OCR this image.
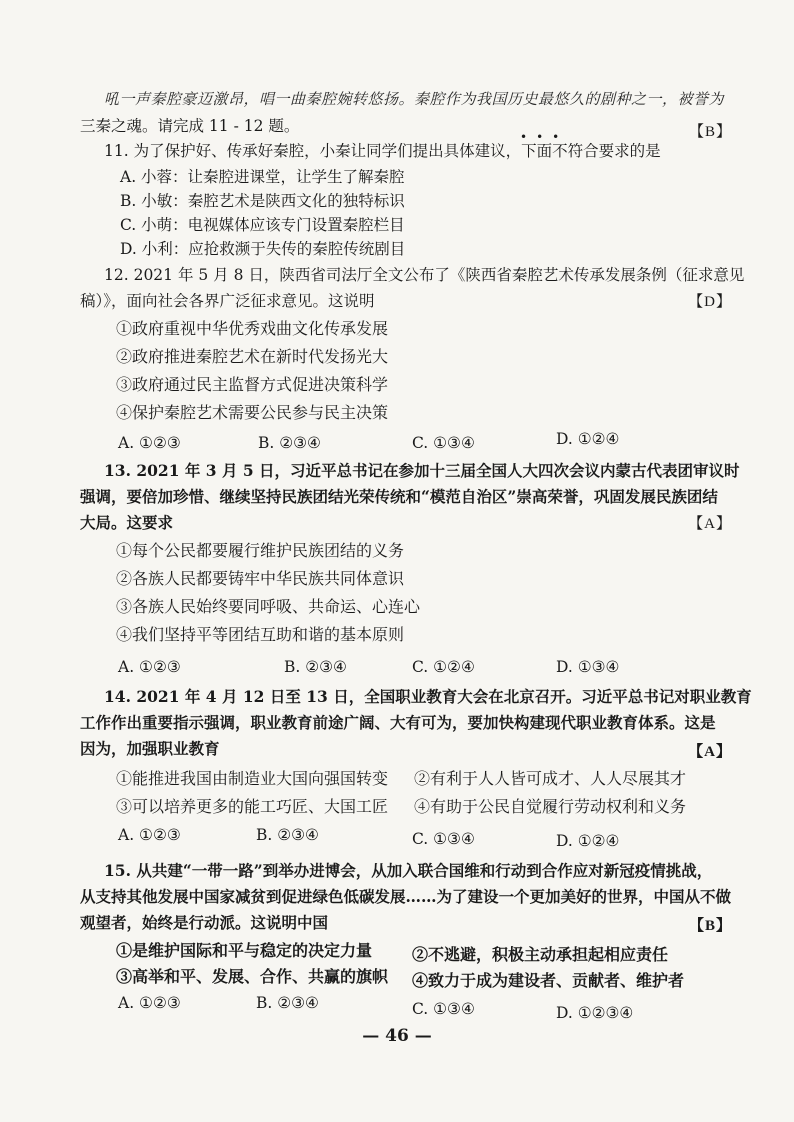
吼一声秦腔豪迈激昂，唱一曲秦腔婉转悠扬。秦腔作为我国历史最悠久的剧种之一，被誉为
三秦之魂。请完成 11 - 12 题。
11. 为了保护好、传承好秦腔，小秦让同学们提出具体建议，下面不符合要求的是
•••	【B】
A. 小蓉：让秦腔进课堂，让学生了解秦腔
B. 小敏：秦腔艺术是陕西文化的独特标识
C. 小萌：电视媒体应该专门设置秦腔栏目
D. 小利：应抢救濒于失传的秦腔传统剧目
12. 2021 年 5 月 8 日，陕西省司法厅全文公布了《陕西省秦腔艺术传承发展条例（征求意见
稿）》，面向社会各界广泛征求意见。这说明	【D】
①政府重视中华优秀戏曲文化传承发展
②政府推进秦腔艺术在新时代发扬光大
③政府通过民主监督方式促进决策科学
④保护秦腔艺术需要公民参与民主决策
A. ①②③	B. ②③④	C. ①③④	D. ①②④
13. 2021 年 3 月 5 日，习近平总书记在参加十三届全国人大四次会议内蒙古代表团审议时
强调，要倍加珍惜、继续坚持民族团结光荣传统和“模范自治区”崇高荣誉，巩固发展民族团结
大局。这要求	【A】
①每个公民都要履行维护民族团结的义务
②各族人民都要铸牢中华民族共同体意识
③各族人民始终要同呼吸、共命运、心连心
④我们坚持平等团结互助和谐的基本原则
A. ①②③	B. ②③④	C. ①②④	D. ①③④
14. 2021 年 4 月 12 日至 13 日，全国职业教育大会在北京召开。习近平总书记对职业教育
工作作出重要指示强调，职业教育前途广阔、大有可为，要加快构建现代职业教育体系。这是
因为，加强职业教育	【A】
①能推进我国由制造业大国向强国转变 ②有利于人人皆可成才、人人尽展其才
③可以培养更多的能工巧匠、大国工匠 ④有助于公民自觉履行劳动权利和义务
A. ①②③	B. ②③④	C. ①③④	D. ①②④
15. 从共建“一带一路”到举办进博会，从加入联合国维和行动到合作应对新冠疫情挑战，
从支持其他发展中国家减贫到促进绿色低碳发展……为了建设一个更加美好的世界，中国从不做
观望者，始终是行动派。这说明中国	【B】
①是维护国际和平与稳定的决定力量 ②不逃避，积极主动承担起相应责任
③高举和平、发展、合作、共赢的旗帜 ④致力于成为建设者、贡献者、维护者
A. ①②③	B. ②③④	C. ①③④	D. ①②③④
— 46 —
